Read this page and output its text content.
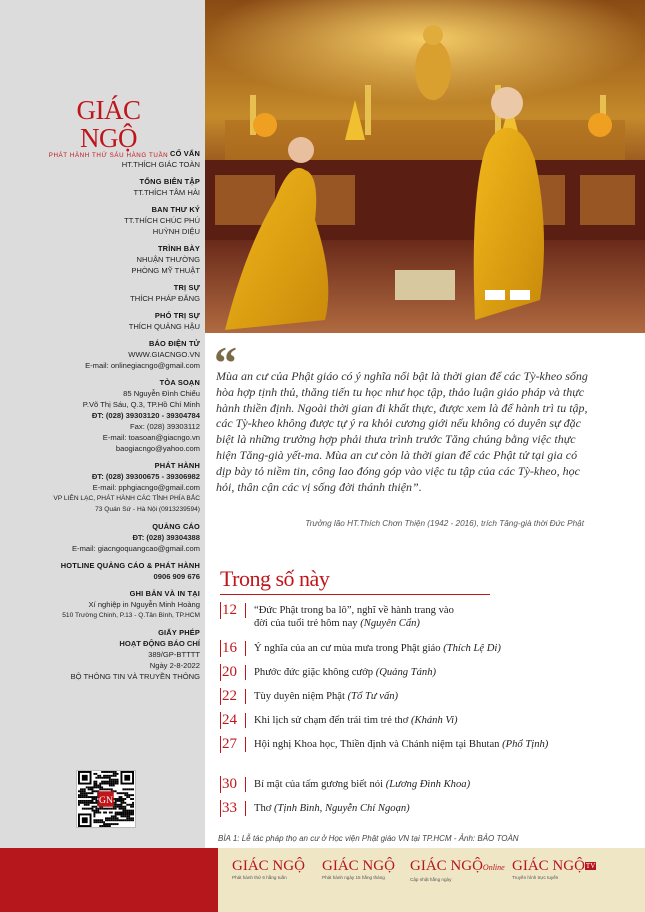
GIÁC NGỘ
PHÁT HÀNH THỨ SÁU HÀNG TUẦN CỐ VẤN
HT.THÍCH GIÁC TOÀN
TỔNG BIÊN TẬP
TT.THÍCH TÂM HẢI
BAN THƯ KÝ
TT.THÍCH CHÚC PHÚ
HUỲNH DIỆU
TRÌNH BÀY
NHUẬN THƯỜNG
PHÒNG MỸ THUẬT
TRỊ SỰ
THÍCH PHÁP ĐĂNG
PHÓ TRỊ SỰ
THÍCH QUẢNG HẬU
BÁO ĐIỆN TỬ
WWW.GIACNGO.VN
E-mail: onlinegiacngo@gmail.com
TÒA SOẠN
85 Nguyễn Đình Chiểu
P.Võ Thị Sáu, Q.3, TP.Hồ Chí Minh
ĐT: (028) 39303120 - 39304784
Fax: (028) 39303112
E-mail: toasoan@giacngo.vn
baogiacngo@yahoo.com
PHÁT HÀNH
ĐT: (028) 39300675 - 39306982
E-mail: pphgiacngo@gmail.com
VP LIÊN LẠC, PHÁT HÀNH CÁC TỈNH PHÍA BẮC
73 Quán Sứ - Hà Nội (0913239594)
QUẢNG CÁO
ĐT: (028) 39304388
E-mail: giacngoquangcao@gmail.com
HOTLINE QUẢNG CÁO & PHÁT HÀNH
0906 909 676
GHI BẢN VÀ IN TẠI
Xí nghiệp in Nguyễn Minh Hoàng
510 Trường Chinh, P.13 - Q.Tân Bình, TP.HCM
GIẤY PHÉP
HOẠT ĐỘNG BÁO CHÍ
389/GP-BTTTT
Ngày 2-8-2022
BỘ THÔNG TIN VÀ TRUYỀN THÔNG
GN
“
Mùa an cư của Phật giáo có ý nghĩa nổi bật là thời gian để các Tỳ-kheo sống hòa hợp tịnh thủ, thăng tiến tu học như học tập, thảo luận giáo pháp và thực hành thiền định. Ngoài thời gian đi khất thực, được xem là để hành trì tu tập, các Tỳ-kheo không được tự ý ra khỏi cương giới nếu không có duyên sự đặc biệt là những trường hợp phải thưa trình trước Tăng chúng bằng việc thực hiện Tăng-già yết-ma. Mùa an cư còn là thời gian để các Phật tử tại gia có dịp bày tỏ niềm tin, công lao đóng góp vào việc tu tập của các Tỳ-kheo, học hỏi, thân cận các vị sống đời thánh thiện”.
Trưởng lão HT.Thích Chơn Thiện (1942 - 2016), trích Tăng-già thời Đức Phật
Trong số này
12	“Đức Phật trong ba lô”, nghĩ về hành trang vào đời của tuổi trẻ hôm nay (Nguyên Cẩn)
16	Ý nghĩa của an cư mùa mưa trong Phật giáo (Thích Lệ Di)
20	Phước đức giặc không cướp (Quảng Tánh)
22	Tùy duyên niệm Phật (Tổ Tư vấn)
24	Khi lịch sử chạm đến trái tim trẻ thơ (Khánh Vi)
27	Hội nghị Khoa học, Thiền định và Chánh niệm tại Bhutan (Phổ Tịnh)
30	Bí mật của tấm gương biết nói (Lương Đình Khoa)
33	Thơ (Tịnh Bình, Nguyễn Chí Ngoạn)
BÌA 1: Lễ tác pháp thọ an cư ở Học viện Phật giáo VN tại TP.HCM - Ảnh: BẢO TOÀN
GIÁC NGỘ
Phát hành thứ 6 hằng tuần
GIÁC NGỘ
Phát hành ngày 15 hằng tháng
GIÁC NGỘOnline
Cập nhật hằng ngày
GIÁC NGỘ$^{TV}$
Truyền hình trực tuyến
